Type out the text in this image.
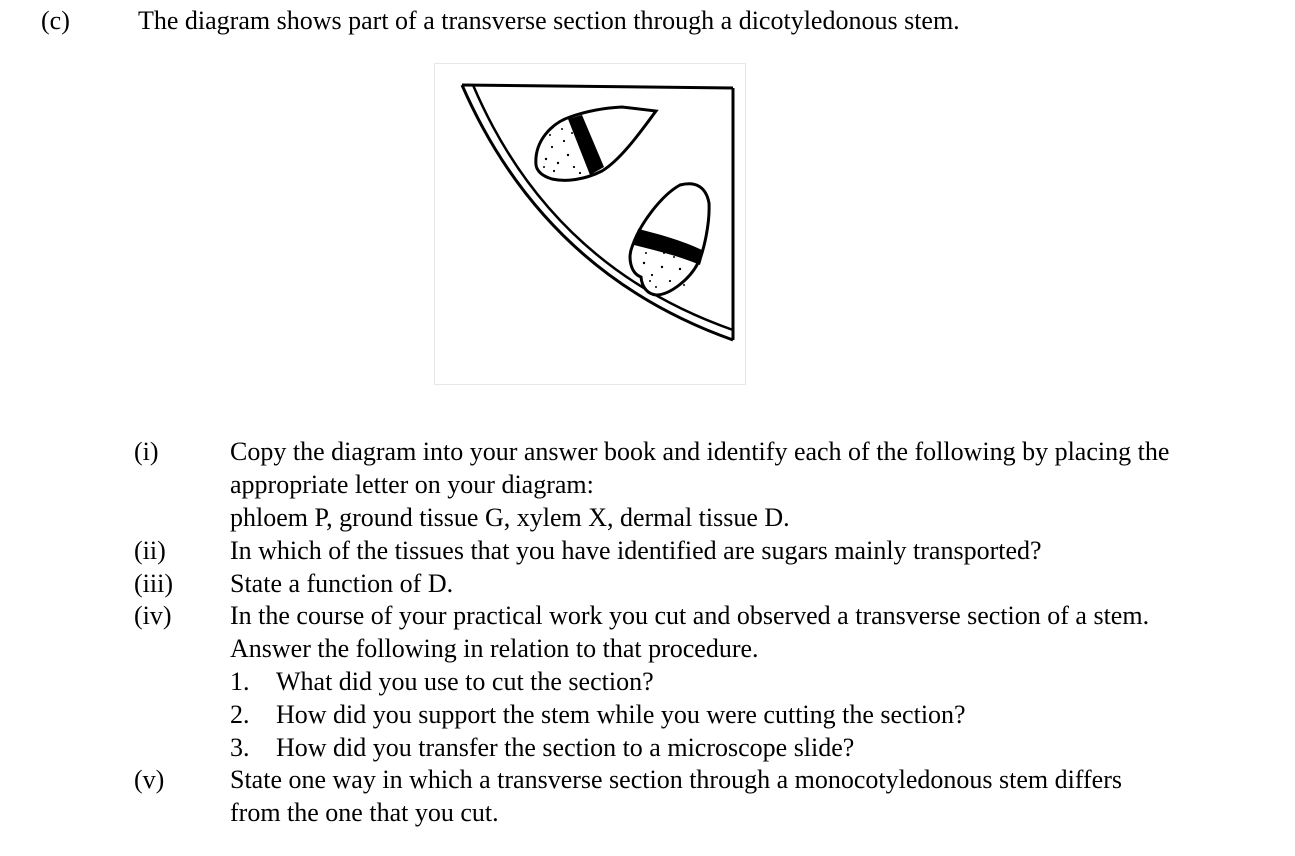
(c)	The diagram shows part of a transverse section through a dicotyledonous stem.
(i)	Copy the diagram into your answer book and identify each of the following by placing the
appropriate letter on your diagram:
phloem P, ground tissue G, xylem X, dermal tissue D.
(ii) In which of the tissues that you have identified are sugars mainly transported?
(iii) State a function of D.
(iv) In the course of your practical work you cut and observed a transverse section of a stem.
Answer the following in relation to that procedure.
1. What did you use to cut the section?
2. How did you support the stem while you were cutting the section?
3. How did you transfer the section to a microscope slide?
(v)	State one way in which a transverse section through a monocotyledonous stem differs
from the one that you cut.
